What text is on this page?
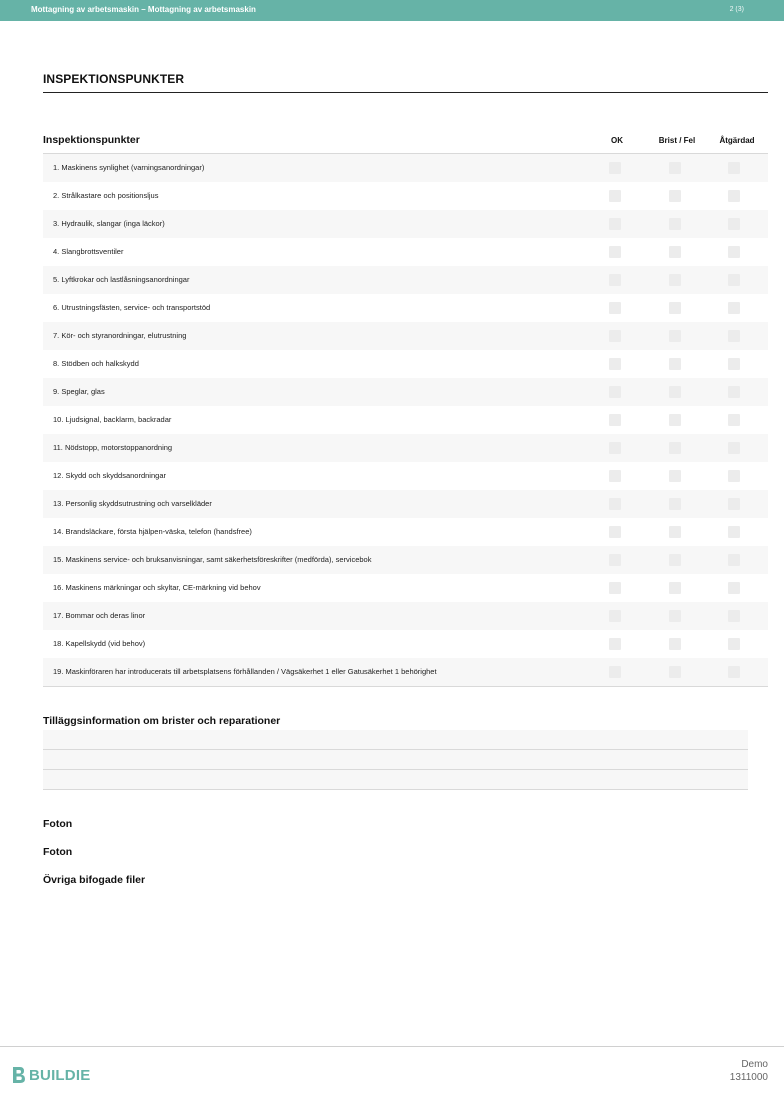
Mottagning av arbetsmaskin – Mottagning av arbetsmaskin	2 (3)
INSPEKTIONSPUNKTER
Inspektionspunkter	OK	Brist / Fel	Åtgärdad
1. Maskinens synlighet (varningsanordningar)
2. Strålkastare och positionsljus
3. Hydraulik, slangar (inga läckor)
4. Slangbrottsventiler
5. Lyftkrokar och lastlåsningsanordningar
6. Utrustningsfästen, service- och transportstöd
7. Kör- och styranordningar, elutrustning
8. Stödben och halkskydd
9. Speglar, glas
10. Ljudsignal, backlarm, backradar
11. Nödstopp, motorstoppanordning
12. Skydd och skyddsanordningar
13. Personlig skyddsutrustning och varselkläder
14. Brandsläckare, första hjälpen-väska, telefon (handsfree)
15. Maskinens service- och bruksanvisningar, samt säkerhetsföreskrifter (medförda), servicebok
16. Maskinens märkningar och skyltar, CE-märkning vid behov
17. Bommar och deras linor
18. Kapellskydd (vid behov)
19. Maskinföraren har introducerats till arbetsplatsens förhållanden / Vägsäkerhet 1 eller Gatusäkerhet 1 behörighet
Tilläggsinformation om brister och reparationer
Foton
Foton
Övriga bifogade filer
BUILDIE
Demo
1311000
